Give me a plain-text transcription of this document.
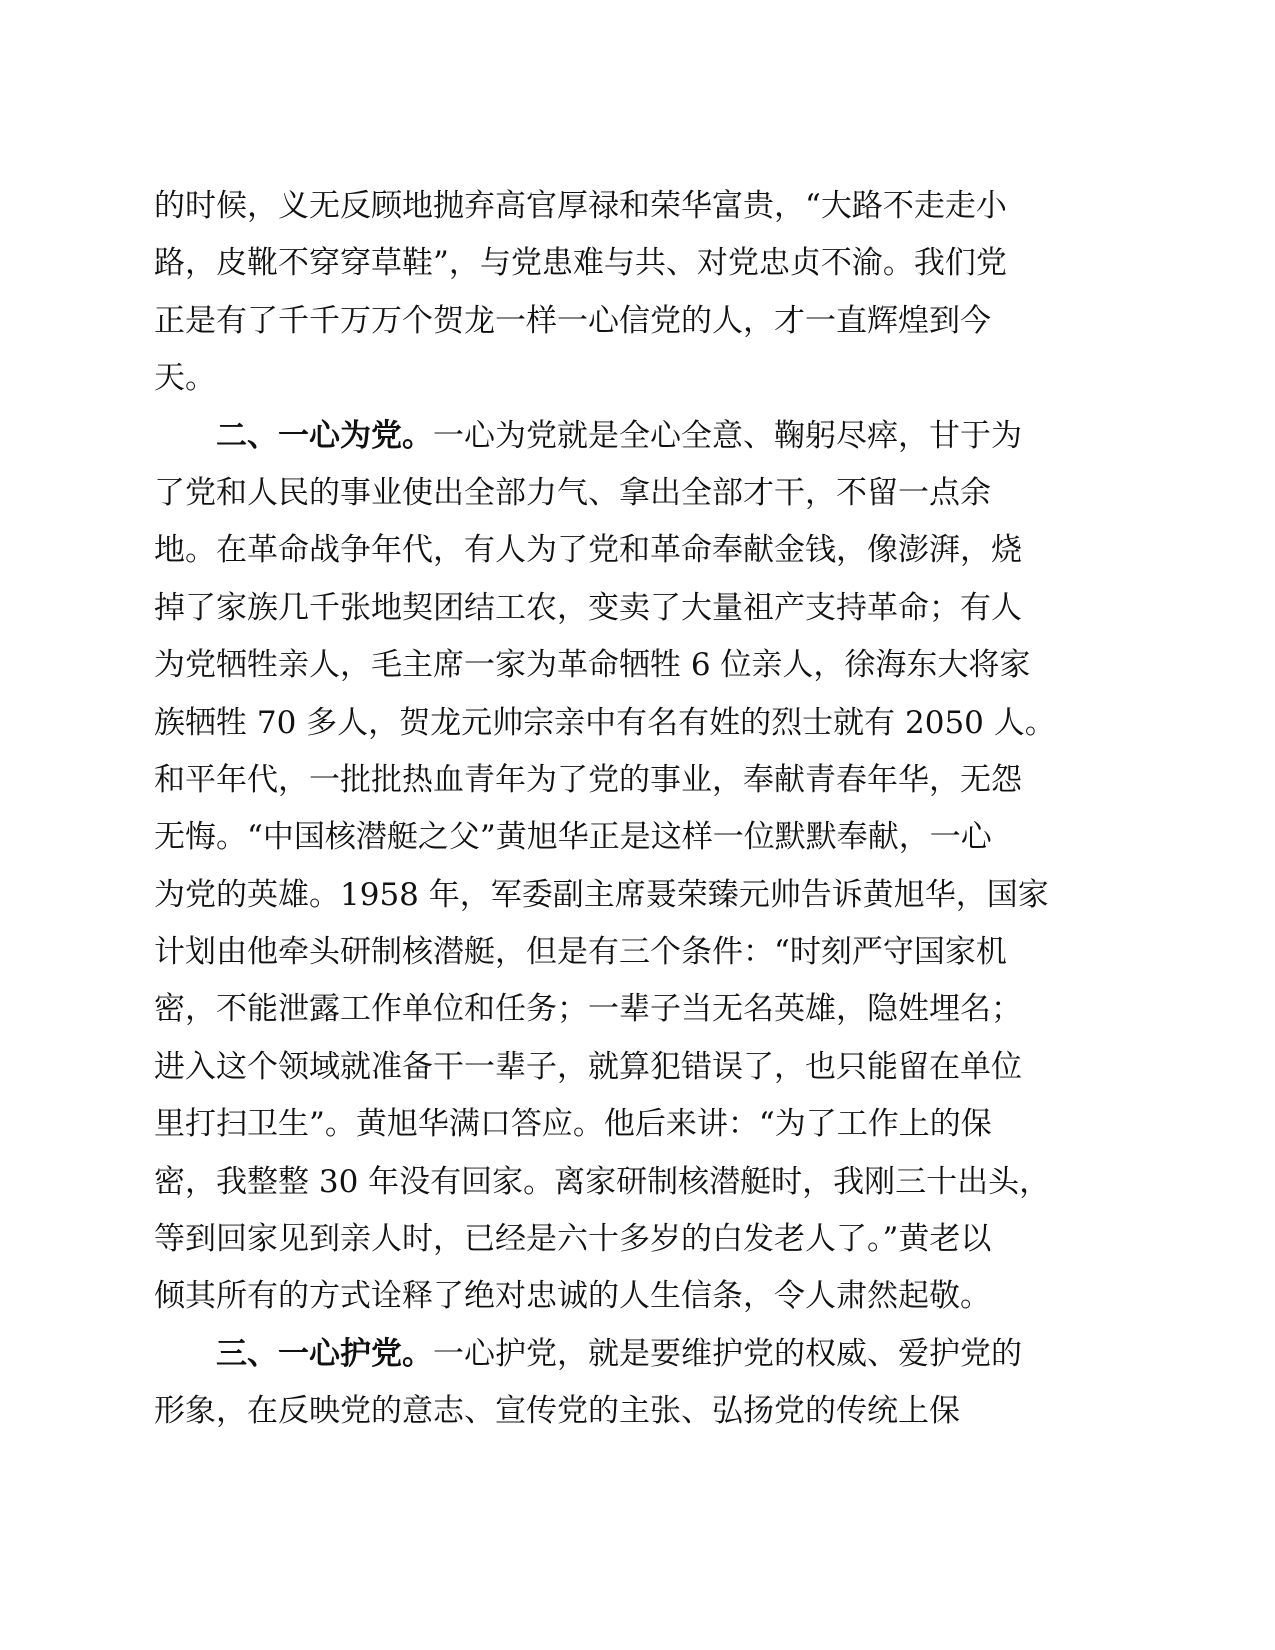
的时候，义无反顾地抛弃高官厚禄和荣华富贵，“大路不走走小
路，皮靴不穿穿草鞋”，与党患难与共、对党忠贞不渝。我们党
正是有了千千万万个贺龙一样一心信党的人，才一直辉煌到今
天。
二、一心为党。一心为党就是全心全意、鞠躬尽瘁，甘于为
了党和人民的事业使出全部力气、拿出全部才干，不留一点余
地。在革命战争年代，有人为了党和革命奉献金钱，像澎湃，烧
掉了家族几千张地契团结工农，变卖了大量祖产支持革命；有人
为党牺牲亲人，毛主席一家为革命牺牲 6 位亲人，徐海东大将家
族牺牲 70 多人，贺龙元帅宗亲中有名有姓的烈士就有 2050 人。
和平年代，一批批热血青年为了党的事业，奉献青春年华，无怨
无悔。“中国核潜艇之父”黄旭华正是这样一位默默奉献，一心
为党的英雄。1958 年，军委副主席聂荣臻元帅告诉黄旭华，国家
计划由他牵头研制核潜艇，但是有三个条件：“时刻严守国家机
密，不能泄露工作单位和任务；一辈子当无名英雄，隐姓埋名；
进入这个领域就准备干一辈子，就算犯错误了，也只能留在单位
里打扫卫生”。黄旭华满口答应。他后来讲：“为了工作上的保
密，我整整 30 年没有回家。离家研制核潜艇时，我刚三十出头，
等到回家见到亲人时，已经是六十多岁的白发老人了。”黄老以
倾其所有的方式诠释了绝对忠诚的人生信条，令人肃然起敬。
三、一心护党。一心护党，就是要维护党的权威、爱护党的
形象，在反映党的意志、宣传党的主张、弘扬党的传统上保
